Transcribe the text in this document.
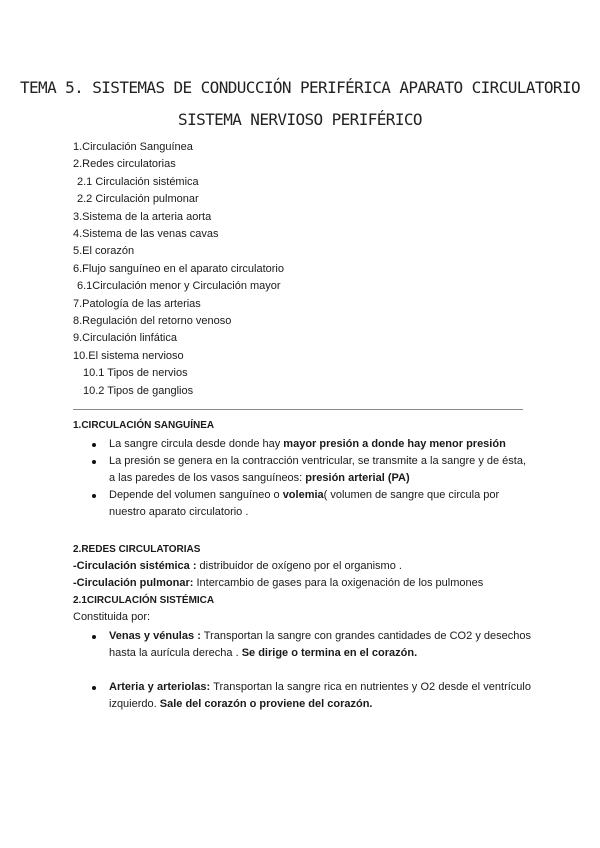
TEMA 5. SISTEMAS DE CONDUCCIÓN PERIFÉRICA APARATO CIRCULATORIO
SISTEMA NERVIOSO PERIFÉRICO
1.Circulación Sanguínea
2.Redes circulatorias
2.1 Circulación sistémica
2.2 Circulación pulmonar
3.Sistema de la arteria aorta
4.Sistema de las venas cavas
5.El corazón
6.Flujo sanguíneo en el aparato circulatorio
6.1Circulación menor y Circulación mayor
7.Patología de las arterias
8.Regulación del retorno venoso
9.Circulación linfática
10.El sistema nervioso
10.1 Tipos de nervios
10.2 Tipos de ganglios
1.CIRCULACIÓN SANGUÍNEA
La sangre circula desde donde hay mayor presión a donde hay menor presión
La presión se genera en la contracción ventricular, se transmite a la sangre y de ésta, a las paredes de los vasos sanguíneos: presión arterial (PA)
Depende del volumen sanguíneo o volemia( volumen de sangre que circula por nuestro aparato circulatorio .
2.REDES CIRCULATORIAS
-Circulación sistémica : distribuidor de oxígeno por el organismo .
-Circulación pulmonar: Intercambio de gases para la oxigenación de los pulmones
2.1CIRCULACIÓN SISTÉMICA
Constituida por:
Venas y vénulas : Transportan la sangre con grandes cantidades de CO2 y desechos hasta la aurícula derecha . Se dirige o termina en el corazón.
Arteria y arteriolas: Transportan la sangre rica en nutrientes y O2 desde el ventrículo izquierdo. Sale del corazón o proviene del corazón.
